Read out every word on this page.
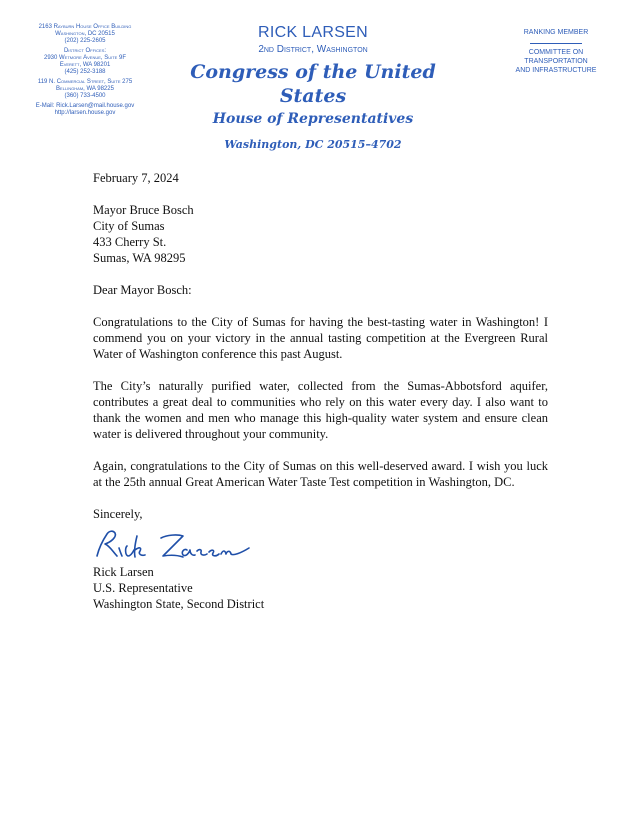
2163 Rayburn House Office Building
Washington, DC 20515
(202) 225-2605
District Offices:
2930 Wetmore Avenue, Suite 9F
Everett, WA 98201
(425) 252-3188
119 N. Commercial Street, Suite 275
Bellingham, WA 98225
(360) 733-4500
E-Mail: Rick.Larsen@mail.house.gov
http://larsen.house.gov
RICK LARSEN
2nd District, Washington
Congress of the United States
House of Representatives
Washington, DC 20515–4702
RANKING MEMBER
COMMITTEE ON
TRANSPORTATION
AND INFRASTRUCTURE
February 7, 2024
Mayor Bruce Bosch
City of Sumas
433 Cherry St.
Sumas, WA 98295
Dear Mayor Bosch:

Congratulations to the City of Sumas for having the best-tasting water in Washington! I commend you on your victory in the annual tasting competition at the Evergreen Rural Water of Washington conference this past August.

The City’s naturally purified water, collected from the Sumas-Abbotsford aquifer, contributes a great deal to communities who rely on this water every day. I also want to thank the women and men who manage this high-quality water system and ensure clean water is delivered throughout your community.

Again, congratulations to the City of Sumas on this well-deserved award. I wish you luck at the 25th annual Great American Water Taste Test competition in Washington, DC.

Sincerely,

Rick Larsen
U.S. Representative
Washington State, Second District
